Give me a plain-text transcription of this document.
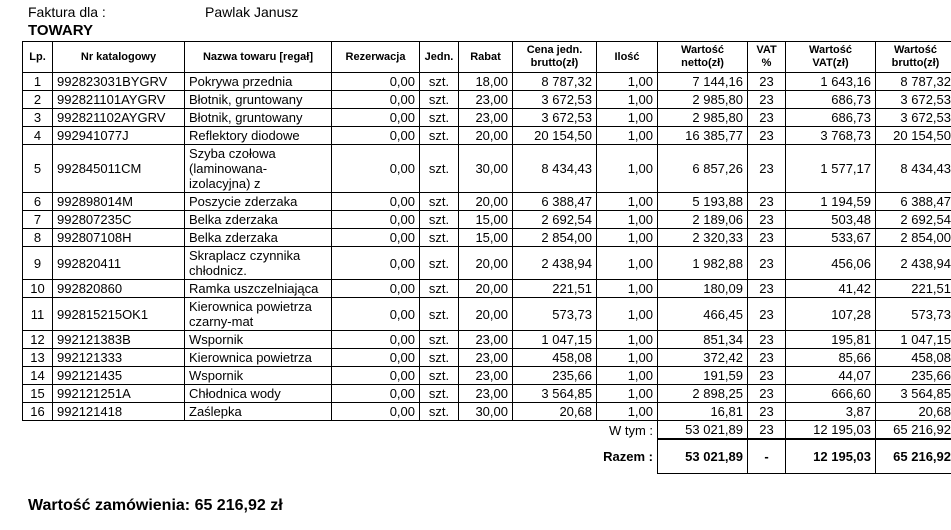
Faktura dla :	Pawlak Janusz
TOWARY
Lp.	Nr katalogowy	Nazwa towaru [regał]	Rezerwacja	Jedn.	Rabat	Cena jedn. brutto(zł)	Ilość	Wartość netto(zł)	VAT %	Wartość VAT(zł)	Wartość brutto(zł)
1	992823031BYGRV	Pokrywa przednia	0,00	szt.	18,00	8 787,32	1,00	7 144,16	23	1 643,16	8 787,32
2	992821101AYGRV	Błotnik, gruntowany	0,00	szt.	23,00	3 672,53	1,00	2 985,80	23	686,73	3 672,53
3	992821102AYGRV	Błotnik, gruntowany	0,00	szt.	23,00	3 672,53	1,00	2 985,80	23	686,73	3 672,53
4	992941077J	Reflektory diodowe	0,00	szt.	20,00	20 154,50	1,00	16 385,77	23	3 768,73	20 154,50
5	992845011CM	Szyba czołowa (laminowana-izolacyjna) z	0,00	szt.	30,00	8 434,43	1,00	6 857,26	23	1 577,17	8 434,43
6	992898014M	Poszycie zderzaka	0,00	szt.	20,00	6 388,47	1,00	5 193,88	23	1 194,59	6 388,47
7	992807235C	Belka zderzaka	0,00	szt.	15,00	2 692,54	1,00	2 189,06	23	503,48	2 692,54
8	992807108H	Belka zderzaka	0,00	szt.	15,00	2 854,00	1,00	2 320,33	23	533,67	2 854,00
9	992820411	Skraplacz czynnika chłodnicz.	0,00	szt.	20,00	2 438,94	1,00	1 982,88	23	456,06	2 438,94
10	992820860	Ramka uszczelniająca	0,00	szt.	20,00	221,51	1,00	180,09	23	41,42	221,51
11	992815215OK1	Kierownica powietrza czarny-mat	0,00	szt.	20,00	573,73	1,00	466,45	23	107,28	573,73
12	992121383B	Wspornik	0,00	szt.	23,00	1 047,15	1,00	851,34	23	195,81	1 047,15
13	992121333	Kierownica powietrza	0,00	szt.	23,00	458,08	1,00	372,42	23	85,66	458,08
14	992121435	Wspornik	0,00	szt.	23,00	235,66	1,00	191,59	23	44,07	235,66
15	992121251A	Chłodnica wody	0,00	szt.	23,00	3 564,85	1,00	2 898,25	23	666,60	3 564,85
16	992121418	Zaślepka	0,00	szt.	30,00	20,68	1,00	16,81	23	3,87	20,68
							W tym :	53 021,89	23	12 195,03	65 216,92
							Razem :	53 021,89	-	12 195,03	65 216,92
Wartość zamówienia: 65 216,92 zł
